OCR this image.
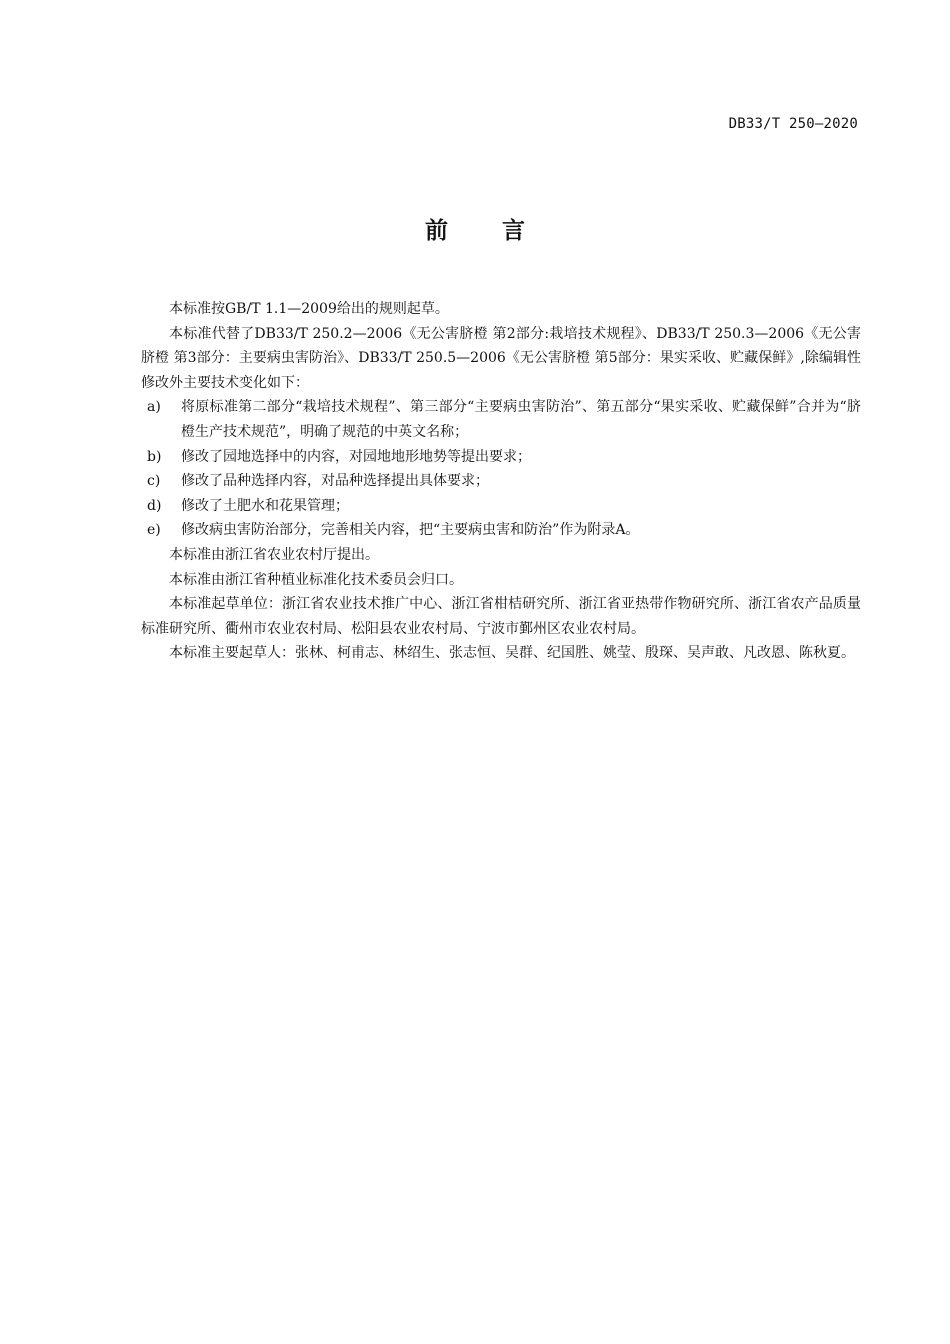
DB33/T 250—2020
前言

本标准按GB/T 1.1—2009给出的规则起草。

本标准代替了DB33/T 250.2—2006《无公害脐橙 第2部分:栽培技术规程》、DB33/T 250.3—2006《无公害脐橙 第3部分：主要病虫害防治》、DB33/T 250.5—2006《无公害脐橙 第5部分：果实采收、贮藏保鲜》,除编辑性修改外主要技术变化如下：

a) 将原标准第二部分“栽培技术规程”、第三部分“主要病虫害防治”、第五部分“果实采收、贮藏保鲜”合并为“脐橙生产技术规范”，明确了规范的中英文名称；

b) 修改了园地选择中的内容，对园地地形地势等提出要求；

c) 修改了品种选择内容，对品种选择提出具体要求；

d) 修改了土肥水和花果管理；

e) 修改病虫害防治部分，完善相关内容，把“主要病虫害和防治”作为附录A。

本标准由浙江省农业农村厅提出。

本标准由浙江省种植业标准化技术委员会归口。

本标准起草单位：浙江省农业技术推广中心、浙江省柑桔研究所、浙江省亚热带作物研究所、浙江省农产品质量标准研究所、衢州市农业农村局、松阳县农业农村局、宁波市鄞州区农业农村局。

本标准主要起草人：张林、柯甫志、林绍生、张志恒、吴群、纪国胜、姚莹、殷琛、吴声敢、凡改恩、陈秋夏。
